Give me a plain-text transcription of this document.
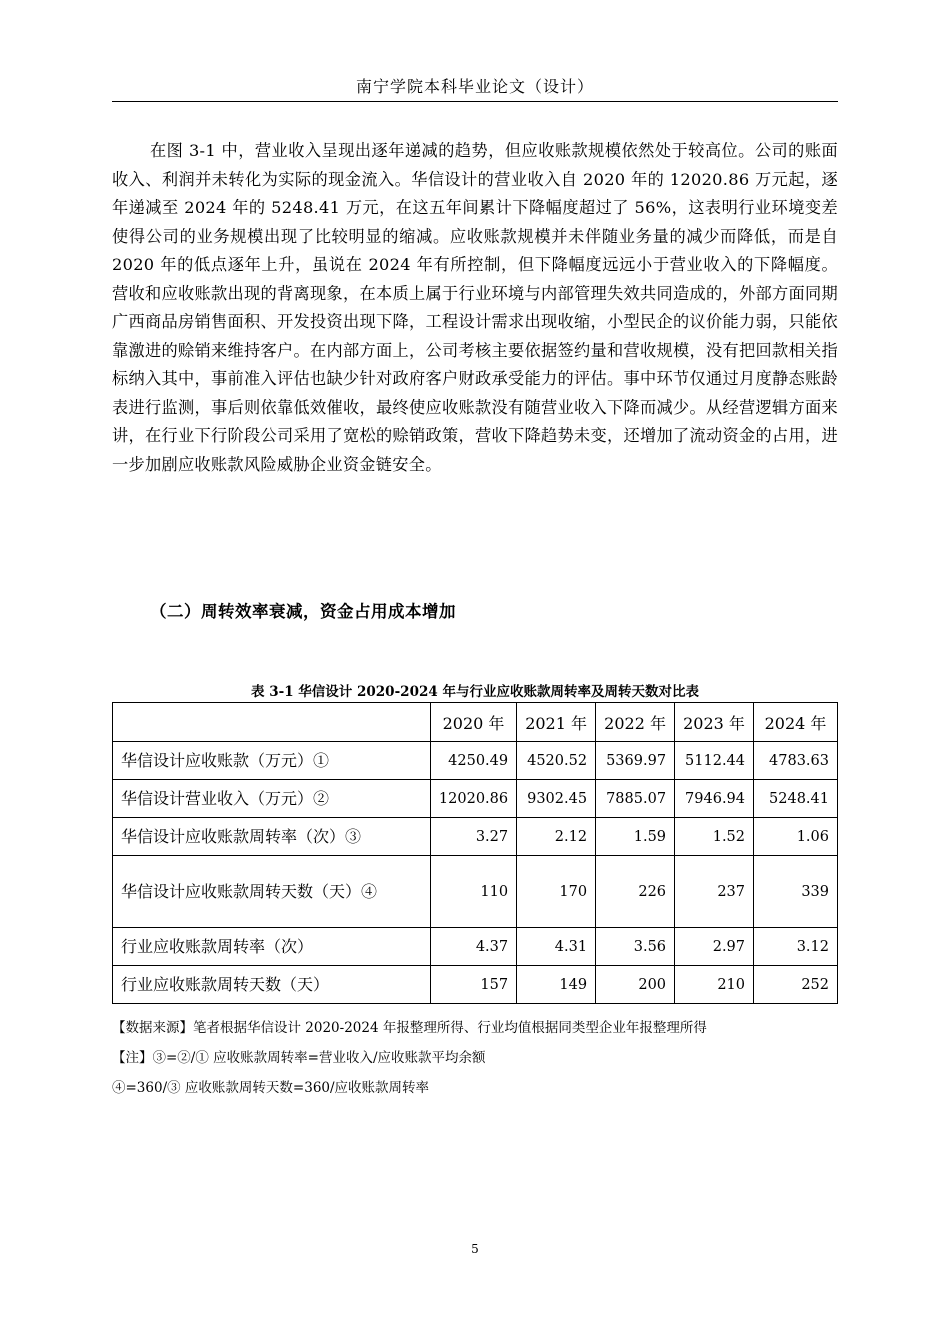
南宁学院本科毕业论文（设计）

在图 3-1 中，营业收入呈现出逐年递减的趋势，但应收账款规模依然处于较高位。公司的账面收入、利润并未转化为实际的现金流入。华信设计的营业收入自 2020 年的 12020.86 万元起，逐年递减至 2024 年的 5248.41 万元，在这五年间累计下降幅度超过了 56%，这表明行业环境变差使得公司的业务规模出现了比较明显的缩减。应收账款规模并未伴随业务量的减少而降低，而是自 2020 年的低点逐年上升，虽说在 2024 年有所控制，但下降幅度远远小于营业收入的下降幅度。营收和应收账款出现的背离现象，在本质上属于行业环境与内部管理失效共同造成的，外部方面同期广西商品房销售面积、开发投资出现下降，工程设计需求出现收缩，小型民企的议价能力弱，只能依靠激进的赊销来维持客户。在内部方面上，公司考核主要依据签约量和营收规模，没有把回款相关指标纳入其中，事前准入评估也缺少针对政府客户财政承受能力的评估。事中环节仅通过月度静态账龄表进行监测，事后则依靠低效催收，最终使应收账款没有随营业收入下降而减少。从经营逻辑方面来讲，在行业下行阶段公司采用了宽松的赊销政策，营收下降趋势未变，还增加了流动资金的占用，进一步加剧应收账款风险威胁企业资金链安全。

（二）周转效率衰减，资金占用成本增加
表 3-1 华信设计 2020-2024 年与行业应收账款周转率及周转天数对比表
	2020 年	2021 年	2022 年	2023 年	2024 年
华信设计应收账款（万元）①	4250.49	4520.52	5369.97	5112.44	4783.63
华信设计营业收入（万元）②	12020.86	9302.45	7885.07	7946.94	5248.41
华信设计应收账款周转率（次）③	3.27	2.12	1.59	1.52	1.06
华信设计应收账款周转天数（天）④	110	170	226	237	339
行业应收账款周转率（次）	4.37	4.31	3.56	2.97	3.12
行业应收账款周转天数（天）	157	149	200	210	252
【数据来源】笔者根据华信设计 2020-2024 年报整理所得、行业均值根据同类型企业年报整理所得
【注】③=②/① 应收账款周转率=营业收入/应收账款平均余额
④=360/③ 应收账款周转天数=360/应收账款周转率
5
